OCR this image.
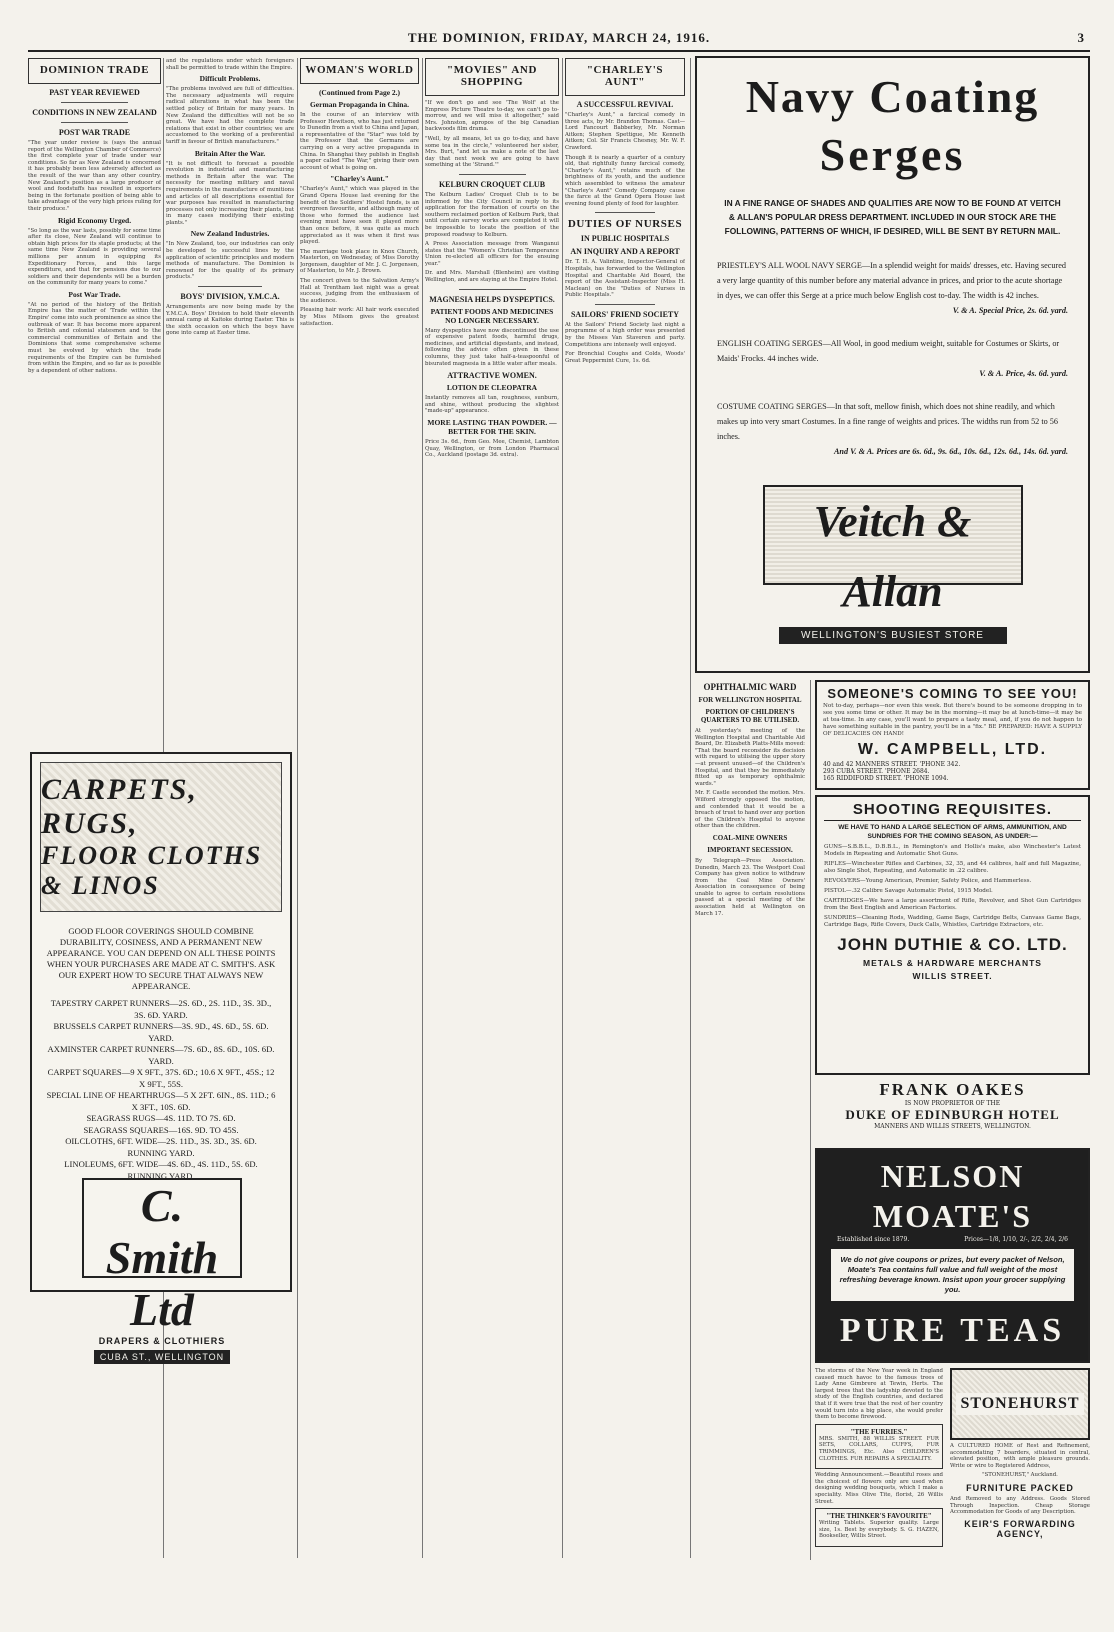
THE DOMINION, FRIDAY, MARCH 24, 1916.	3
DOMINION TRADE
PAST YEAR REVIEWED
CONDITIONS IN NEW ZEALAND
POST WAR TRADE

"The year under review is (says the annual report of the Wellington Chamber of Commerce) the first complete year of trade under war conditions. So far as New Zealand is concerned it has probably been less adversely affected as the result of the war than any other country. New Zealand's position as a large producer of wool and foodstuffs has resulted in exporters being in the fortunate position of being able to take advantage of the very high prices ruling for their produce."

Rigid Economy Urged.

"So long as the war lasts, possibly for some time after its close, New Zealand will continue to obtain high prices for its staple products; at the same time New Zealand is providing several millions per annum in equipping its Expeditionary Forces, and this large expenditure, and that for pensions due to our soldiers and their dependents will be a burden on the community for many years to come."

Post War Trade.

"At no period of the history of the British Empire has the matter of 'Trade within the Empire' come into such prominence as since the outbreak of war. It has become more apparent to British and colonial statesmen and to the commercial communities of Britain and the Dominions that some comprehensive scheme must be evolved by which the trade requirements of the Empire can be furnished from within the Empire, and so far as is possible by a dependent of other nations.

and the regulations under which foreigners shall be permitted to trade within the Empire.

Difficult Problems.

"The problems involved are full of difficulties. The necessary adjustments will require radical alterations in what has been the settled policy of Britain for many years. In New Zealand the difficulties will not be so great. We have had the complete trade relations that exist in other countries; we are accustomed to the working of a preferential tariff in favour of British manufacturers."

Britain After the War.

"It is not difficult to forecast a possible revolution in industrial and manufacturing methods in Britain after the war. The necessity for meeting military and naval requirements in the manufacture of munitions and articles of all descriptions essential for war purposes has resulted in manufacturing processes not only increasing their plants, but in many cases modifying their existing plants."

New Zealand Industries.

"In New Zealand, too, our industries can only be developed to successful lines by the application of scientific principles and modern methods of manufacture. The Dominion is renowned for the quality of its primary products."

BOYS' DIVISION, Y.M.C.A.

Arrangements are now being made by the Y.M.C.A. Boys' Division to hold their eleventh annual camp at Kaitoke during Easter. This is the sixth occasion on which the boys have gone into camp at Easter time.

WOMAN'S WORLD
(Continued from Page 2.)
German Propaganda in China.

In the course of an interview with Professor Hewitson, who has just returned to Dunedin from a visit to China and Japan, a representative of the "Star" was told by the Professor that the Germans are carrying on a very active propaganda in China. In Shanghai they publish in English a paper called "The War," giving their own account of what is going on.

"Charley's Aunt."

"Charley's Aunt," which was played in the Grand Opera House last evening for the benefit of the Soldiers' Hostel funds, is an evergreen favourite, and although many of those who formed the audience last evening must have seen it played more than once before, it was quite as much appreciated as it was when it first was played.

The marriage took place in Knox Church, Masterton, on Wednesday, of Miss Dorothy Jorgensen, daughter of Mr. J. C. Jorgensen, of Masterton, to Mr. J. Brown.

The concert given to the Salvation Army's Hall at Trentham last night was a great success, judging from the enthusiasm of the audience.

Pleasing hair work: All hair work executed by Miss Milsom gives the greatest satisfaction.

"MOVIES" AND SHOPPING

"If we don't go and see 'The Wolf' at the Empress Picture Theatre to-day, we can't go to-morrow, and we will miss it altogether," said Mrs. Johnston, apropos of the big Canadian backwoods film drama.

"Well, by all means, let us go to-day, and have some tea in the circle," volunteered her sister, Mrs. Burt, "and let us make a note of the last day that next week we are going to have something at the 'Strand.'"

KELBURN CROQUET CLUB

The Kelburn Ladies' Croquet Club is to be informed by the City Council in reply to its application for the formation of courts on the southern reclaimed portion of Kelburn Park, that until certain survey works are completed it will be impossible to locate the position of the proposed roadway to Kelburn.

A Press Association message from Wanganui states that the "Women's Christian Temperance Union re-elected all officers for the ensuing year."

Dr. and Mrs. Marshall (Blenheim) are visiting Wellington, and are staying at the Empire Hotel.

MAGNESIA HELPS DYSPEPTICS.
PATIENT FOODS AND MEDICINES NO LONGER NECESSARY.

Many dyspeptics have now discontinued the use of expensive patent foods, harmful drugs, medicines, and artificial digestants, and instead, following the advice often given in these columns, they just take half-a-teaspoonful of bisurated magnesia in a little water after meals.

ATTRACTIVE WOMEN.
LOTION DE CLEOPATRA

Instantly removes all tan, roughness, sunburn, and shine, without producing the slightest "made-up" appearance.

MORE LASTING THAN POWDER. — BETTER FOR THE SKIN.

Price 3s. 6d., from Geo. Mee, Chemist, Lambton Quay, Wellington, or from London Pharmacal Co., Auckland (postage 3d. extra).

"CHARLEY'S AUNT"
A SUCCESSFUL REVIVAL

"Charley's Aunt," a farcical comedy in three acts, by Mr. Brandon Thomas. Cast—Lord Fancourt Babberley, Mr. Norman Aitken; Stephen Spettigue, Mr. Kenneth Aitken; Col. Sir Francis Chesney, Mr. W. F. Crawford.

Though it is nearly a quarter of a century old, that rightfully funny farcical comedy, "Charley's Aunt," retains much of the brightness of its youth, and the audience which assembled to witness the amateur "Charley's Aunt" Comedy Company cause the farce at the Grand Opera House last evening found plenty of food for laughter.

DUTIES OF NURSES
IN PUBLIC HOSPITALS
AN INQUIRY AND A REPORT

Dr. T. H. A. Valintine, Inspector-General of Hospitals, has forwarded to the Wellington Hospital and Charitable Aid Board, the report of the Assistant-Inspector (Miss H. Maclean) on the "Duties of Nurses in Public Hospitals."

SAILORS' FRIEND SOCIETY

At the Sailors' Friend Society last night a programme of a high order was presented by the Misses Van Staveren and party. Competitions are intensely well enjoyed.

For Bronchial Coughs and Colds, Woods' Great Peppermint Cure, 1s. 6d.

CARPETS, RUGS,
FLOOR CLOTHS & LINOS
GOOD FLOOR COVERINGS SHOULD COMBINE DURABILITY, COSINESS, AND A PERMANENT NEW APPEARANCE. YOU CAN DEPEND ON ALL THESE POINTS WHEN YOUR PURCHASES ARE MADE AT C. SMITH'S. ASK OUR EXPERT HOW TO SECURE THAT ALWAYS NEW APPEARANCE.
TAPESTRY CARPET RUNNERS—2S. 6D., 2S. 11D., 3S. 3D., 3S. 6D. YARD.
BRUSSELS CARPET RUNNERS—3S. 9D., 4S. 6D., 5S. 6D. YARD.
AXMINSTER CARPET RUNNERS—7S. 6D., 8S. 6D., 10S. 6D. YARD.
CARPET SQUARES—9 X 9FT., 37S. 6D.; 10.6 X 9FT., 45S.; 12 X 9FT., 55S.
SPECIAL LINE OF HEARTHRUGS—5 X 2FT. 6IN., 8S. 11D.; 6 X 3FT., 10S. 6D.
SEAGRASS RUGS—4S. 11D. TO 7S. 6D.
SEAGRASS SQUARES—16S. 9D. TO 45S.
OILCLOTHS, 6FT. WIDE—2S. 11D., 3S. 3D., 3S. 6D. RUNNING YARD.
LINOLEUMS, 6FT. WIDE—4S. 6D., 4S. 11D., 5S. 6D. RUNNING YARD.
C. Smith Ltd
DRAPERS & CLOTHIERS
CUBA ST., WELLINGTON
Navy Coating
Serges
IN A FINE RANGE OF SHADES AND QUALITIES ARE NOW TO BE FOUND AT VEITCH & ALLAN'S POPULAR DRESS DEPARTMENT. INCLUDED IN OUR STOCK ARE THE FOLLOWING, PATTERNS OF WHICH, IF DESIRED, WILL BE SENT BY RETURN MAIL.
PRIESTLEY'S ALL WOOL NAVY SERGE—In a splendid weight for maids' dresses, etc. Having secured a very large quantity of this number before any material advance in prices, and prior to the acute shortage in dyes, we can offer this Serge at a price much below English cost to-day. The width is 42 inches.
V. & A. Special Price, 2s. 6d. yard.
ENGLISH COATING SERGES—All Wool, in good medium weight, suitable for Costumes or Skirts, or Maids' Frocks. 44 inches wide.
V. & A. Price, 4s. 6d. yard.
COSTUME COATING SERGES—In that soft, mellow finish, which does not shine readily, and which makes up into very smart Costumes. In a fine range of weights and prices. The widths run from 52 to 56 inches.
And V. & A. Prices are 6s. 6d., 9s. 6d., 10s. 6d., 12s. 6d., 14s. 6d. yard.
Veitch & Allan
WELLINGTON'S BUSIEST STORE
OPHTHALMIC WARD
FOR WELLINGTON HOSPITAL
PORTION OF CHILDREN'S QUARTERS TO BE UTILISED.

At yesterday's meeting of the Wellington Hospital and Charitable Aid Board, Dr. Elizabeth Platts-Mills moved: "That the board reconsider its decision with regard to utilising the upper story—at present unused—of the Children's Hospital, and that they be immediately fitted up as temporary ophthalmic wards."

Mr. F. Castle seconded the motion. Mrs. Wilford strongly opposed the motion, and contended that it would be a breach of trust to hand over any portion of the Children's Hospital to anyone other than the children.

COAL-MINE OWNERS
IMPORTANT SECESSION.

By Telegraph—Press Association. Dunedin, March 23. The Westport Coal Company has given notice to withdraw from the Coal Mine Owners' Association in consequence of being unable to agree to certain resolutions passed at a special meeting of the association held at Wellington on March 17.

SOMEONE'S COMING TO SEE YOU!

Not to-day, perhaps—nor even this week. But there's bound to be someone dropping in to see you some time or other. It may be in the morning—it may be at lunch-time—it may be at tea-time. In any case, you'll want to prepare a tasty meal, and, if you do not happen to have something suitable in the pantry, you'll be in a "fix." BE PREPARED: HAVE A SUPPLY OF DELICACIES ON HAND!

W. CAMPBELL, LTD.
40 and 42 MANNERS STREET. 'PHONE 342.
293 CUBA STREET. 'PHONE 2684.
165 RIDDIFORD STREET. 'PHONE 1094.
SHOOTING REQUISITES.
WE HAVE TO HAND A LARGE SELECTION OF ARMS, AMMUNITION, AND SUNDRIES FOR THE COMING SEASON, AS UNDER:—

GUNS—S.B.B.L., D.B.B.L., in Remington's and Hollis's make, also Winchester's Latest Models in Repeating and Automatic Shot Guns.

RIFLES—Winchester Rifles and Carbines, 32, 35, and 44 calibres, half and full Magazine, also Single Shot, Repeating, and Automatic in .22 calibre.

REVOLVERS—Young American, Premier, Safety Police, and Hammerless.

PISTOL—.32 Calibre Savage Automatic Pistol, 1915 Model.

CARTRIDGES—We have a large assortment of Rifle, Revolver, and Shot Gun Cartridges from the Best English and American Factories.

SUNDRIES—Cleaning Rods, Wadding, Game Bags, Cartridge Belts, Canvass Game Bags, Cartridge Bags, Rifle Covers, Duck Calls, Whistles, Cartridge Extractors, etc.

JOHN DUTHIE & CO. LTD.
METALS & HARDWARE MERCHANTS
WILLIS STREET.
FRANK OAKES
IS NOW PROPRIETOR OF THE
DUKE OF EDINBURGH HOTEL
MANNERS AND WILLIS STREETS, WELLINGTON.
NELSON MOATE'S
Established since 1879.	Prices—1/8, 1/10, 2/-, 2/2, 2/4, 2/6
We do not give coupons or prizes, but every packet of Nelson, Moate's Tea contains full value and full weight of the most refreshing beverage known. Insist upon your grocer supplying you.
PURE TEAS

The storms of the New Year week in England caused much havoc to the famous trees of Lady Anne Gimbrere at Tewin, Herts. The largest trees that the ladyship devoted to the study of the English countries, and declared that if it were true that the rest of her country would turn into a big place, she would prefer them to become firewood.

"THE FURRIES."

MRS. SMITH, 88 WILLIS STREET. FUR SETS, COLLARS, CUFFS, FUR TRIMMINGS, Etc. Also CHILDREN'S CLOTHES. FUR REPAIRS A SPECIALITY.

Wedding Announcement.—Beautiful roses and the choicest of flowers only are used when designing wedding bouquets, which I make a speciality. Miss Olive Tite, florist, 26 Willis Street.

"THE THINKER'S FAVOURITE"

Writing Tablets. Superior quality. Large size, 1s. Best by everybody. S. G. HAZEN, Bookseller, Willis Street.

STONEHURST

A CULTURED HOME of Rest and Refinement, accommodating 7 boarders, situated in central, elevated position, with ample pleasure grounds. Write or wire to Registered Address,

"STONEHURST," Auckland.

FURNITURE PACKED

And Removed to any Address. Goods Stored Through Inspection. Cheap Storage Accommodation for Goods of any Description.

KEIR'S FORWARDING AGENCY,
